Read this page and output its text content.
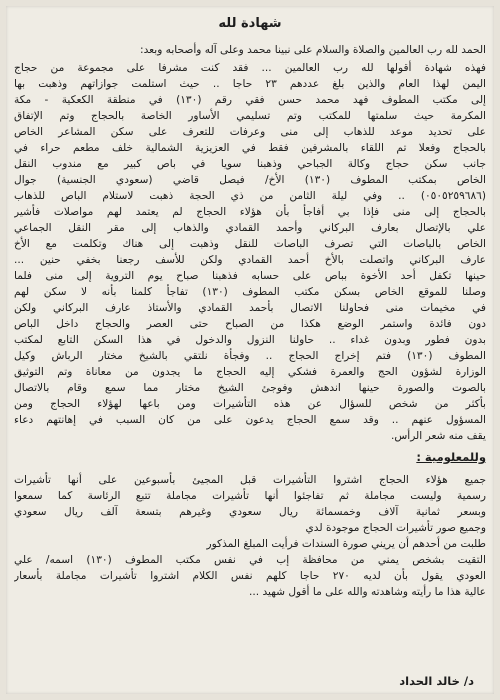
شهادة لله
الحمد لله رب العالمين والصلاة والسلام على نبينا محمد وعلى آله وأصحابه وبعد:
فهذه شهادة أقولها لله رب العالمين ... فقد كنت مشرفا على مجموعة من حجاج
اليمن لهذا العام والذين بلغ عددهم ٢٣ حاجا .. حيث استلمت جوازاتهم وذهبت بها
إلى مكتب المطوف فهد محمد حسن فقي رقم (١٣٠) في منطقة الكعكية - مكة
المكرمة حيث سلمتها للمكتب وتم تسليمي الأساور الخاصة بالحجاج وتم الإتفاق
على تحديد موعد للذهاب إلى منى وعرفات للتعرف على سكن المشاعر الخاص
بالحجاج وفعلا تم اللقاء بالمشرفين فقط في العزيزية الشمالية خلف مطعم حراء في
جانب سكن حجاج وكالة الجباحي وذهبنا سويا في باص كبير مع مندوب النقل
الخاص بمكتب المطوف (١٣٠) الأخ/ فيصل قاضي (سعودي الجنسية) جوال
(٠٥٠٥٢٥٩٦٨٦) .. وفي ليلة الثامن من ذي الحجة ذهبت لاستلام الباص للذهاب
بالحجاج إلى منى فإذا بي أفاجأ بأن هؤلاء الحجاج لم يعتمد لهم مواصلات فأشير
علي بالإتصال بعارف البركاني وأحمد القمادي والذهاب إلى مقر النقل الجماعي
الخاص بالباصات التي تصرف الباصات للنقل وذهبت إلى هناك وتكلمت مع الأخ
عارف البركاني واتصلت بالأخ أحمد القمادي ولكن للأسف رجعنا بخفي حنين ...
حينها تكفل أحد الأخوة بباص على حسابه فذهبنا صباح يوم التروية إلى منى فلما
وصلنا للموقع الخاص بسكن مكتب المطوف (١٣٠) تفاجأ كلمنا بأنه لا سكن لهم
في مخيمات منى فحاولنا الاتصال بأحمد القمادي والأستاذ عارف البركاني ولكن
دون فائدة واستمر الوضع هكذا من الصباح حتى العصر والحجاج داخل الباص
بدون فطور وبدون غداء .. حاولنا النزول والدخول في هذا السكن التابع لمكتب
المطوف (١٣٠) فتم إخراج الحجاج .. وفجأة نلتقي بالشيخ مختار الرباش وكيل
الوزارة لشؤون الحج والعمرة فشكي إليه الحجاج ما يجدون من معاناة وتم التوثيق
بالصوت والصورة حينها اندهش وفوجئ الشيخ مختار مما سمع وقام بالاتصال
بأكثر من شخص للسؤال عن هذه التأشيرات ومن باعها لهؤلاء الحجاج ومن
المسؤول عنهم .. وقد سمع الحجاج يدعون على من كان السبب في إهانتهم دعاء
يقف منه شعر الرأس.
وللمعلومية :
جميع هؤلاء الحجاج اشتروا التأشيرات قبل المجيئ بأسبوعين على أنها تأشيرات
رسمية وليست مجاملة ثم تفاجئوا أنها تأشيرات مجاملة تتبع الرئاسة كما سمعوا
وبسعر ثمانية آلاف وخمسمائة ريال سعودي وغيرهم بتسعة آلف ريال سعودي
وجميع صور تأشيرات الحجاج موجودة لدي
طلبت من أحدهم أن يريني صورة السندات فرأيت المبلغ المذكور
التقيت بشخص يمني من محافظة إب في نفس مكتب المطوف (١٣٠) اسمه/ علي
العودي يقول بأن لديه ٢٧٠ حاجا كلهم نفس الكلام اشتروا تأشيرات مجاملة بأسعار
عالية هذا ما رأيته وشاهدته والله على ما أقول شهيد ...
د/ خالد الحداد
